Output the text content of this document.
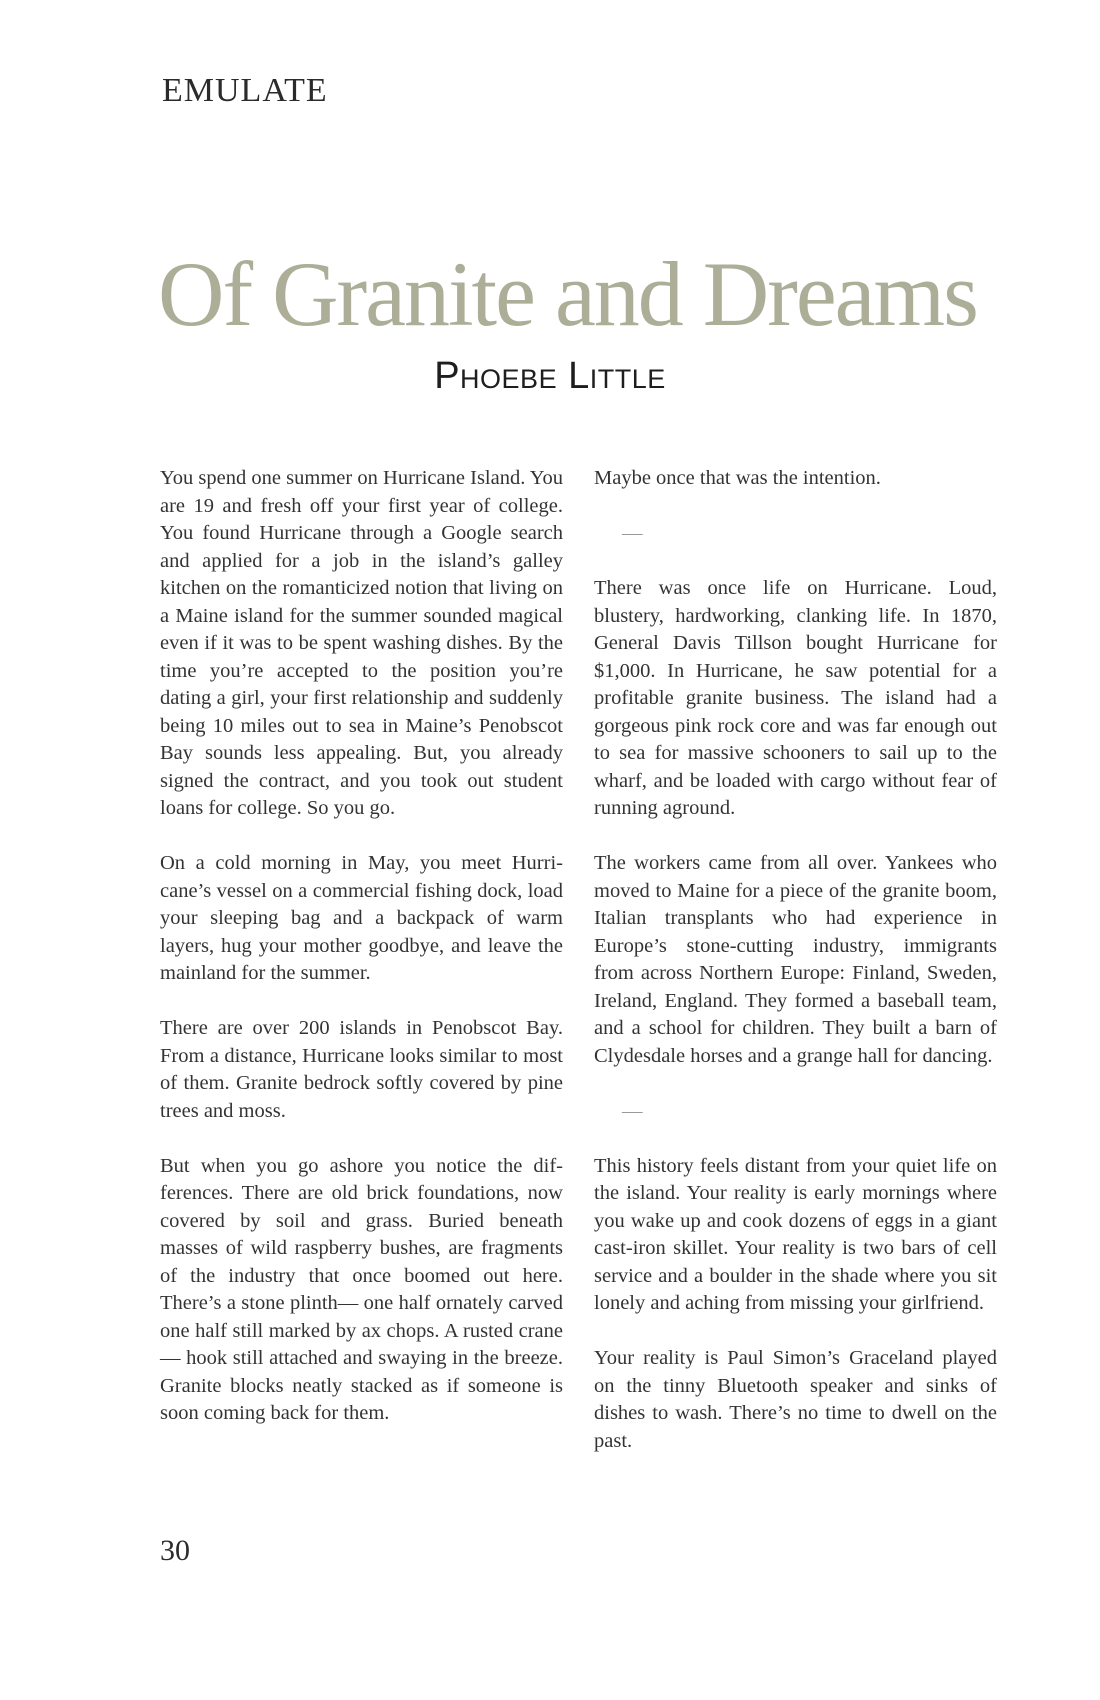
EMULATE
Of Granite and Dreams
Phoebe Little

You spend one summer on Hurricane Island. You are 19 and fresh off your first year of college. You found Hurricane through a Google search and applied for a job in the island’s galley kitchen on the romanticized notion that living on a Maine island for the summer sounded magical even if it was to be spent washing dishes. By the time you’re accepted to the position you’re dating a girl, your first relationship and suddenly being 10 miles out to sea in Maine’s Penobscot Bay sounds less appealing. But, you already signed the contract, and you took out student loans for college. So you go.

On a cold morning in May, you meet Hurricane’s vessel on a commercial fishing dock, load your sleeping bag and a backpack of warm layers, hug your mother goodbye, and leave the mainland for the summer.

There are over 200 islands in Penobscot Bay. From a distance, Hurricane looks similar to most of them. Granite bedrock softly covered by pine trees and moss.

But when you go ashore you notice the differences. There are old brick foundations, now covered by soil and grass. Buried beneath masses of wild raspberry bushes, are fragments of the industry that once boomed out here. There’s a stone plinth— one half ornately carved one half still marked by ax chops. A rusted crane— hook still attached and swaying in the breeze. Granite blocks neatly stacked as if someone is soon coming back for them.

Maybe once that was the intention.

—

There was once life on Hurricane. Loud, blustery, hardworking, clanking life. In 1870, General Davis Tillson bought Hurricane for $1,000. In Hurricane, he saw potential for a profitable granite business. The island had a gorgeous pink rock core and was far enough out to sea for massive schooners to sail up to the wharf, and be loaded with cargo without fear of running aground.

The workers came from all over. Yankees who moved to Maine for a piece of the granite boom, Italian transplants who had experience in Europe’s stone-cutting industry, immigrants from across Northern Europe: Finland, Sweden, Ireland, England. They formed a baseball team, and a school for children. They built a barn of Clydesdale horses and a grange hall for dancing.

—

This history feels distant from your quiet life on the island. Your reality is early mornings where you wake up and cook dozens of eggs in a giant cast-iron skillet. Your reality is two bars of cell service and a boulder in the shade where you sit lonely and aching from missing your girlfriend.

Your reality is Paul Simon’s Graceland played on the tinny Bluetooth speaker and sinks of dishes to wash. There’s no time to dwell on the past.

30
